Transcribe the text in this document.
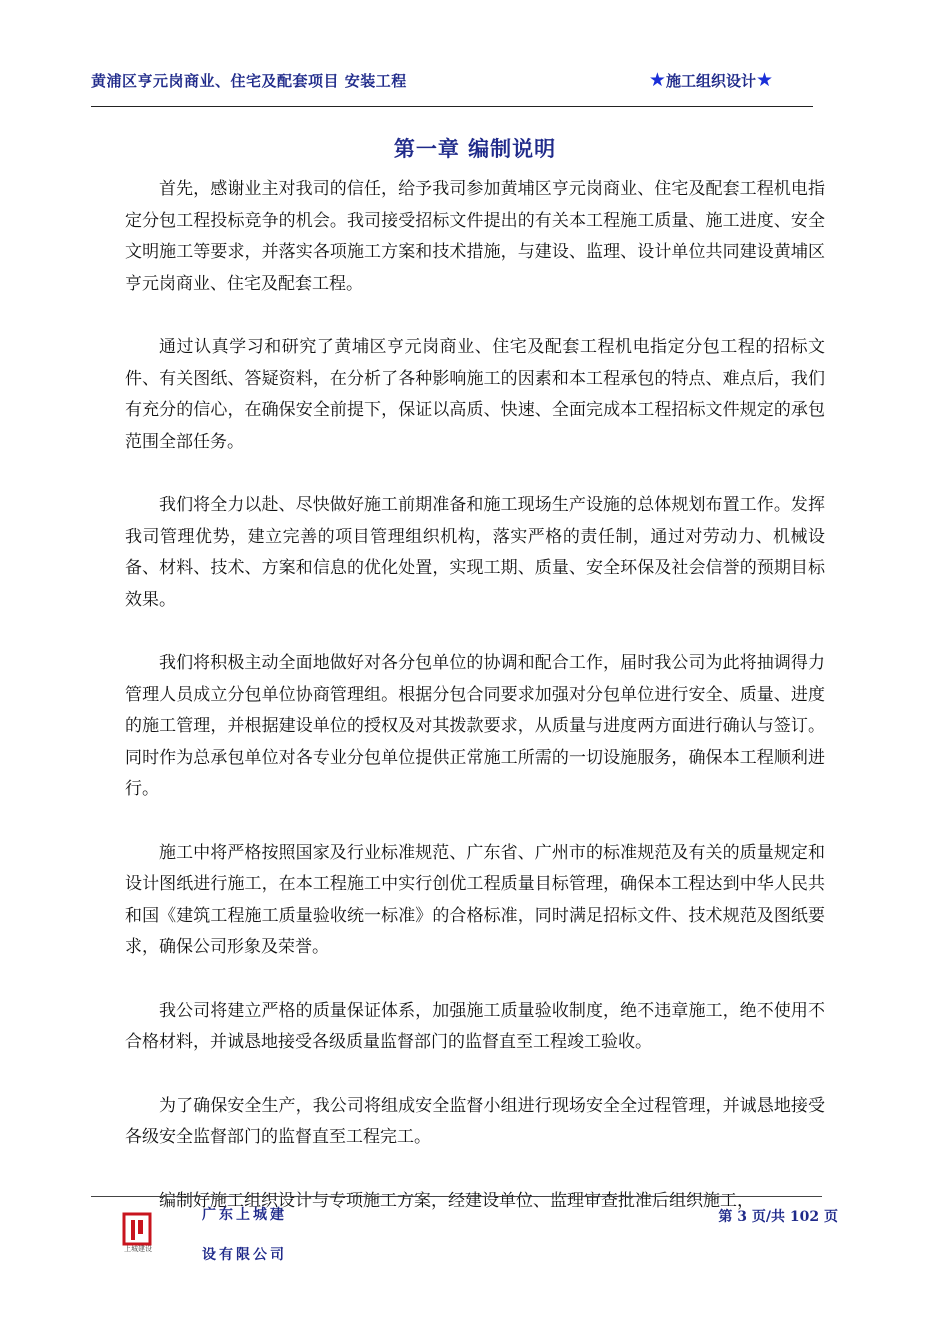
黄浦区亨元岗商业、住宅及配套项目 安装工程	★ 施工组织设计 ★
第一章 编制说明

首先，感谢业主对我司的信任，给予我司参加黄埔区亨元岗商业、住宅及配套工程机电指定分包工程投标竞争的机会。我司接受招标文件提出的有关本工程施工质量、施工进度、安全文明施工等要求，并落实各项施工方案和技术措施，与建设、监理、设计单位共同建设黄埔区亨元岗商业、住宅及配套工程。

通过认真学习和研究了黄埔区亨元岗商业、住宅及配套工程机电指定分包工程的招标文件、有关图纸、答疑资料，在分析了各种影响施工的因素和本工程承包的特点、难点后，我们有充分的信心，在确保安全前提下，保证以高质、快速、全面完成本工程招标文件规定的承包范围全部任务。

我们将全力以赴、尽快做好施工前期准备和施工现场生产设施的总体规划布置工作。发挥我司管理优势，建立完善的项目管理组织机构，落实严格的责任制，通过对劳动力、机械设备、材料、技术、方案和信息的优化处置，实现工期、质量、安全环保及社会信誉的预期目标效果。

我们将积极主动全面地做好对各分包单位的协调和配合工作，届时我公司为此将抽调得力管理人员成立分包单位协商管理组。根据分包合同要求加强对分包单位进行安全、质量、进度的施工管理，并根据建设单位的授权及对其拨款要求，从质量与进度两方面进行确认与签订。同时作为总承包单位对各专业分包单位提供正常施工所需的一切设施服务，确保本工程顺利进行。

施工中将严格按照国家及行业标准规范、广东省、广州市的标准规范及有关的质量规定和设计图纸进行施工，在本工程施工中实行创优工程质量目标管理，确保本工程达到中华人民共和国《建筑工程施工质量验收统一标准》的合格标准，同时满足招标文件、技术规范及图纸要求，确保公司形象及荣誉。

我公司将建立严格的质量保证体系，加强施工质量验收制度，绝不违章施工，绝不使用不合格材料，并诚恳地接受各级质量监督部门的监督直至工程竣工验收。

为了确保安全生产，我公司将组成安全监督小组进行现场安全全过程管理，并诚恳地接受各级安全监督部门的监督直至工程完工。

编制好施工组织设计与专项施工方案，经建设单位、监理审查批准后组织施工，

上城建设
广东上城建
设有限公司
第 3 页/共 102 页
